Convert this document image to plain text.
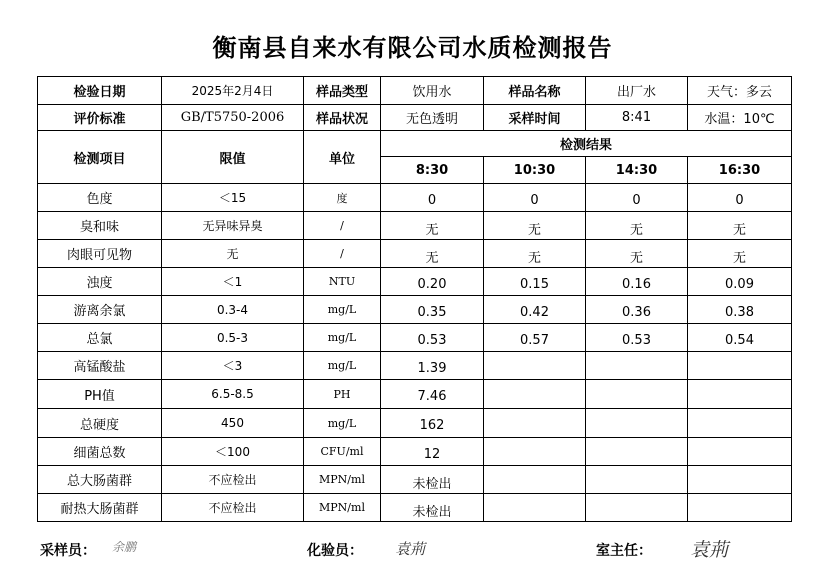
衡南县自来水有限公司水质检测报告
检验日期	2025年2月4日	样品类型	饮用水	样品名称	出厂水	天气：多云
评价标准	GB/T5750-2006	样品状况	无色透明	采样时间	8:41	水温：10℃
检测项目	限值	单位	检测结果			
			8:30	10:30	14:30	16:30
色度	＜15	度	0	0	0	0
臭和味	无异味异臭	/	无	无	无	无
肉眼可见物	无	/	无	无	无	无
浊度	＜1	NTU	0.20	0.15	0.16	0.09
游离余氯	0.3-4	mg/L	0.35	0.42	0.36	0.38
总氯	0.5-3	mg/L	0.53	0.57	0.53	0.54
高锰酸盐	＜3	mg/L	1.39			
PH值	6.5-8.5	PH	7.46			
总硬度	450	mg/L	162			
细菌总数	＜100	CFU/ml	12			
总大肠菌群	不应检出	MPN/ml	未检出			
耐热大肠菌群	不应检出	MPN/ml	未检出			
采样员： 余鹏	化验员： 袁荊	室主任： 袁荊
